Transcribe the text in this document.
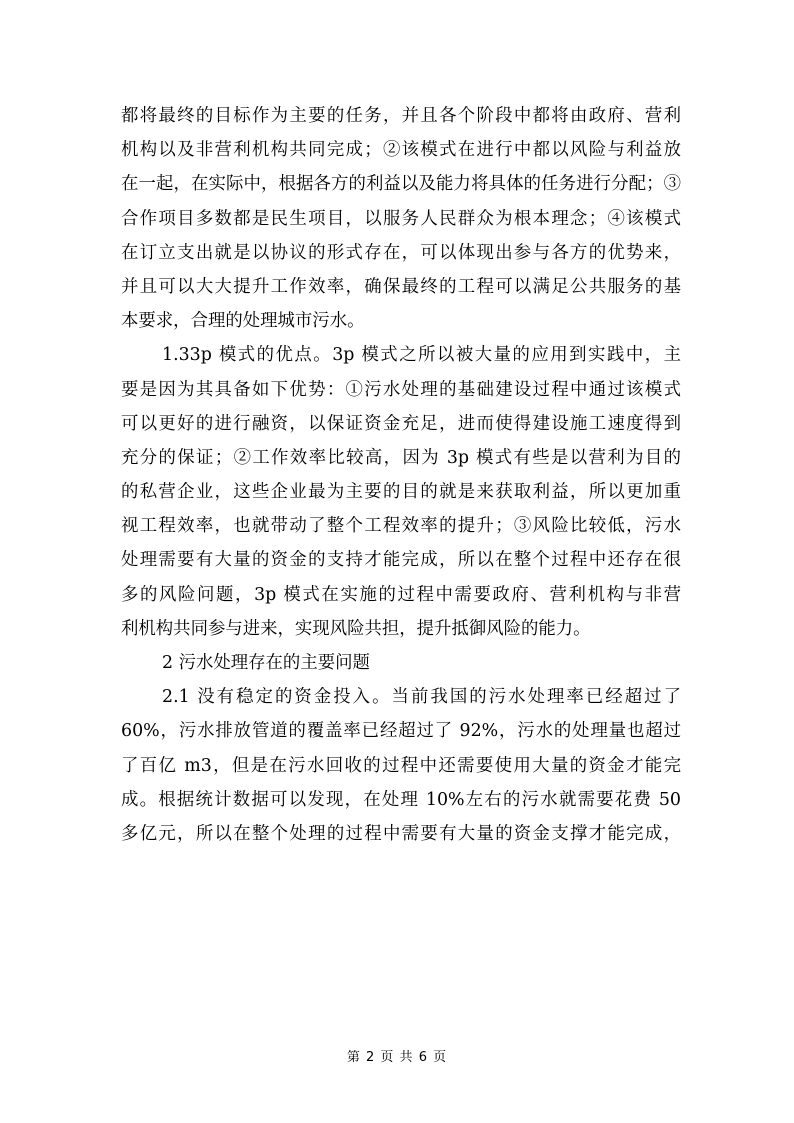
都将最终的目标作为主要的任务，并且各个阶段中都将由政府、营利
机构以及非营利机构共同完成；②该模式在进行中都以风险与利益放
在一起，在实际中，根据各方的利益以及能力将具体的任务进行分配；③
合作项目多数都是民生项目，以服务人民群众为根本理念；④该模式
在订立支出就是以协议的形式存在，可以体现出参与各方的优势来，
并且可以大大提升工作效率，确保最终的工程可以满足公共服务的基
本要求，合理的处理城市污水。
1.33p 模式的优点。3p 模式之所以被大量的应用到实践中，主
要是因为其具备如下优势：①污水处理的基础建设过程中通过该模式
可以更好的进行融资，以保证资金充足，进而使得建设施工速度得到
充分的保证；②工作效率比较高，因为 3p 模式有些是以营利为目的
的私营企业，这些企业最为主要的目的就是来获取利益，所以更加重
视工程效率，也就带动了整个工程效率的提升；③风险比较低，污水
处理需要有大量的资金的支持才能完成，所以在整个过程中还存在很
多的风险问题，3p 模式在实施的过程中需要政府、营利机构与非营
利机构共同参与进来，实现风险共担，提升抵御风险的能力。
2 污水处理存在的主要问题
2.1 没有稳定的资金投入。当前我国的污水处理率已经超过了
60%，污水排放管道的覆盖率已经超过了 92%，污水的处理量也超过
了百亿 m3，但是在污水回收的过程中还需要使用大量的资金才能完
成。根据统计数据可以发现，在处理 10%左右的污水就需要花费 50
多亿元，所以在整个处理的过程中需要有大量的资金支撑才能完成，
第 2 页 共 6 页
